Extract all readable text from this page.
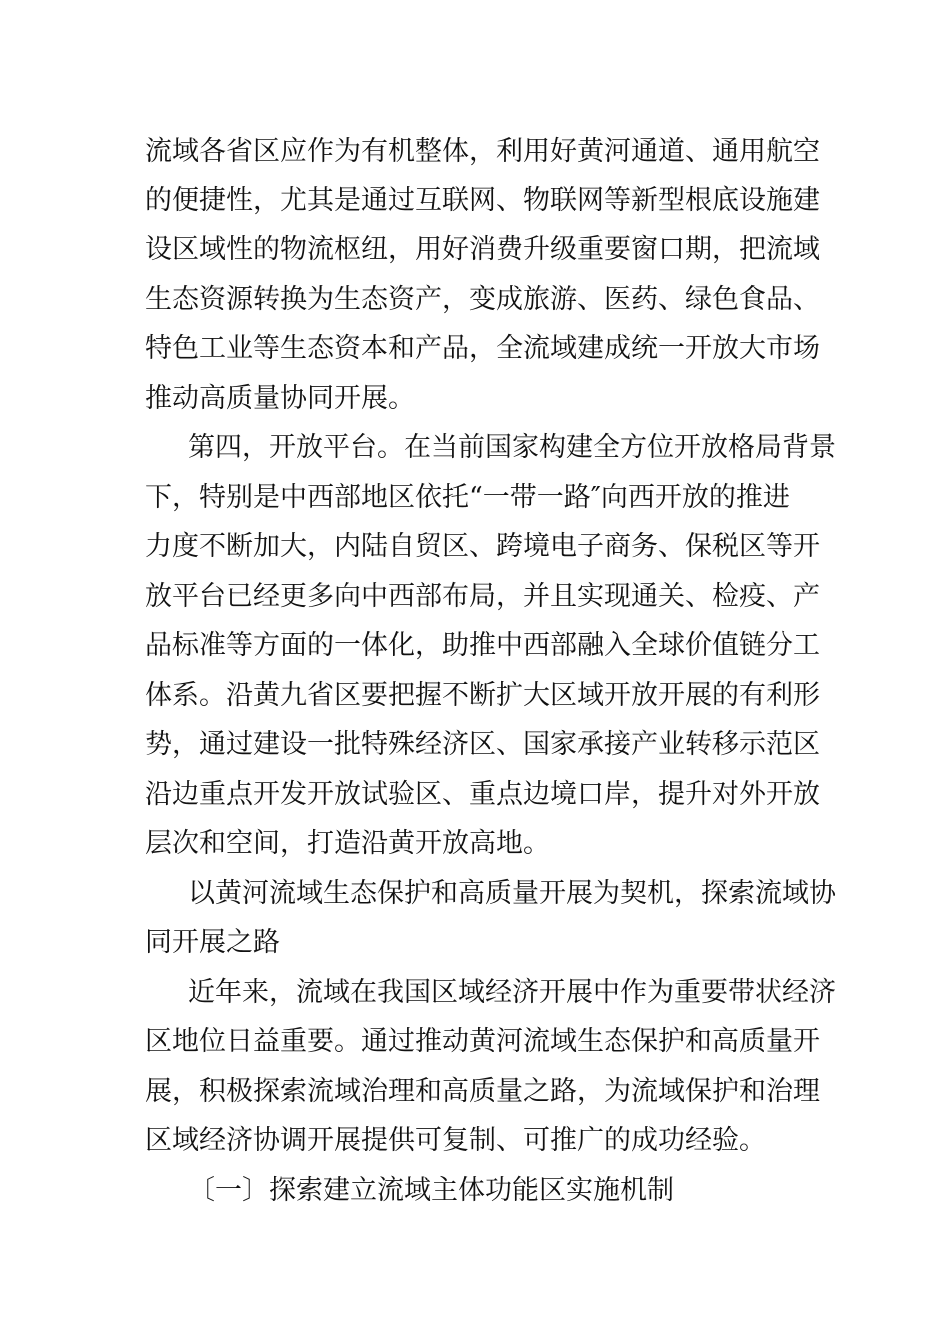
流域各省区应作为有机整体，利用好黄河通道、通用航空
的便捷性，尤其是通过互联网、物联网等新型根底设施建
设区域性的物流枢纽，用好消费升级重要窗口期，把流域
生态资源转换为生态资产，变成旅游、医药、绿色食品、
特色工业等生态资本和产品，全流域建成统一开放大市场
推动高质量协同开展。
第四，开放平台。在当前国家构建全方位开放格局背景
下，特别是中西部地区依托“一带一路″向西开放的推进
力度不断加大，内陆自贸区、跨境电子商务、保税区等开
放平台已经更多向中西部布局，并且实现通关、检疫、产
品标准等方面的一体化，助推中西部融入全球价值链分工
体系。沿黄九省区要把握不断扩大区域开放开展的有利形
势，通过建设一批特殊经济区、国家承接产业转移示范区
沿边重点开发开放试验区、重点边境口岸，提升对外开放
层次和空间，打造沿黄开放高地。
以黄河流域生态保护和高质量开展为契机，探索流域协
同开展之路
近年来，流域在我国区域经济开展中作为重要带状经济
区地位日益重要。通过推动黄河流域生态保护和高质量开
展，积极探索流域治理和高质量之路，为流域保护和治理
区域经济协调开展提供可复制、可推广的成功经验。
〔一〕探索建立流域主体功能区实施机制
